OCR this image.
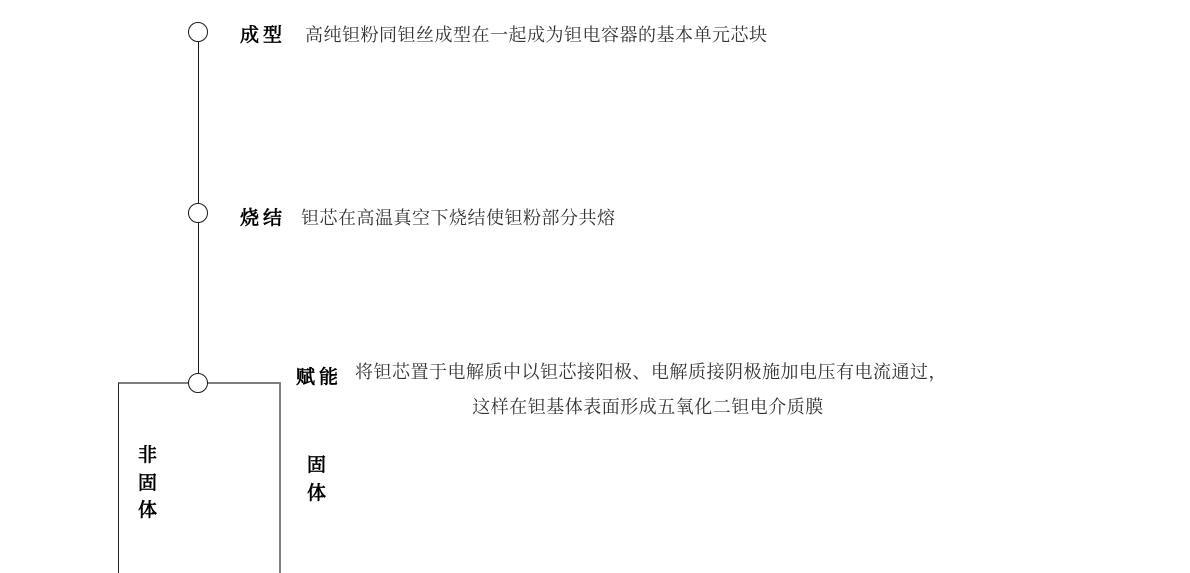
成型 高纯钽粉同钽丝成型在一起成为钽电容器的基本单元芯块
烧结 钽芯在高温真空下烧结使钽粉部分共熔
赋能 将钽芯置于电解质中以钽芯接阳极、电解质接阴极施加电压有电流通过，
这样在钽基体表面形成五氧化二钽电介质膜
非固体
固体
